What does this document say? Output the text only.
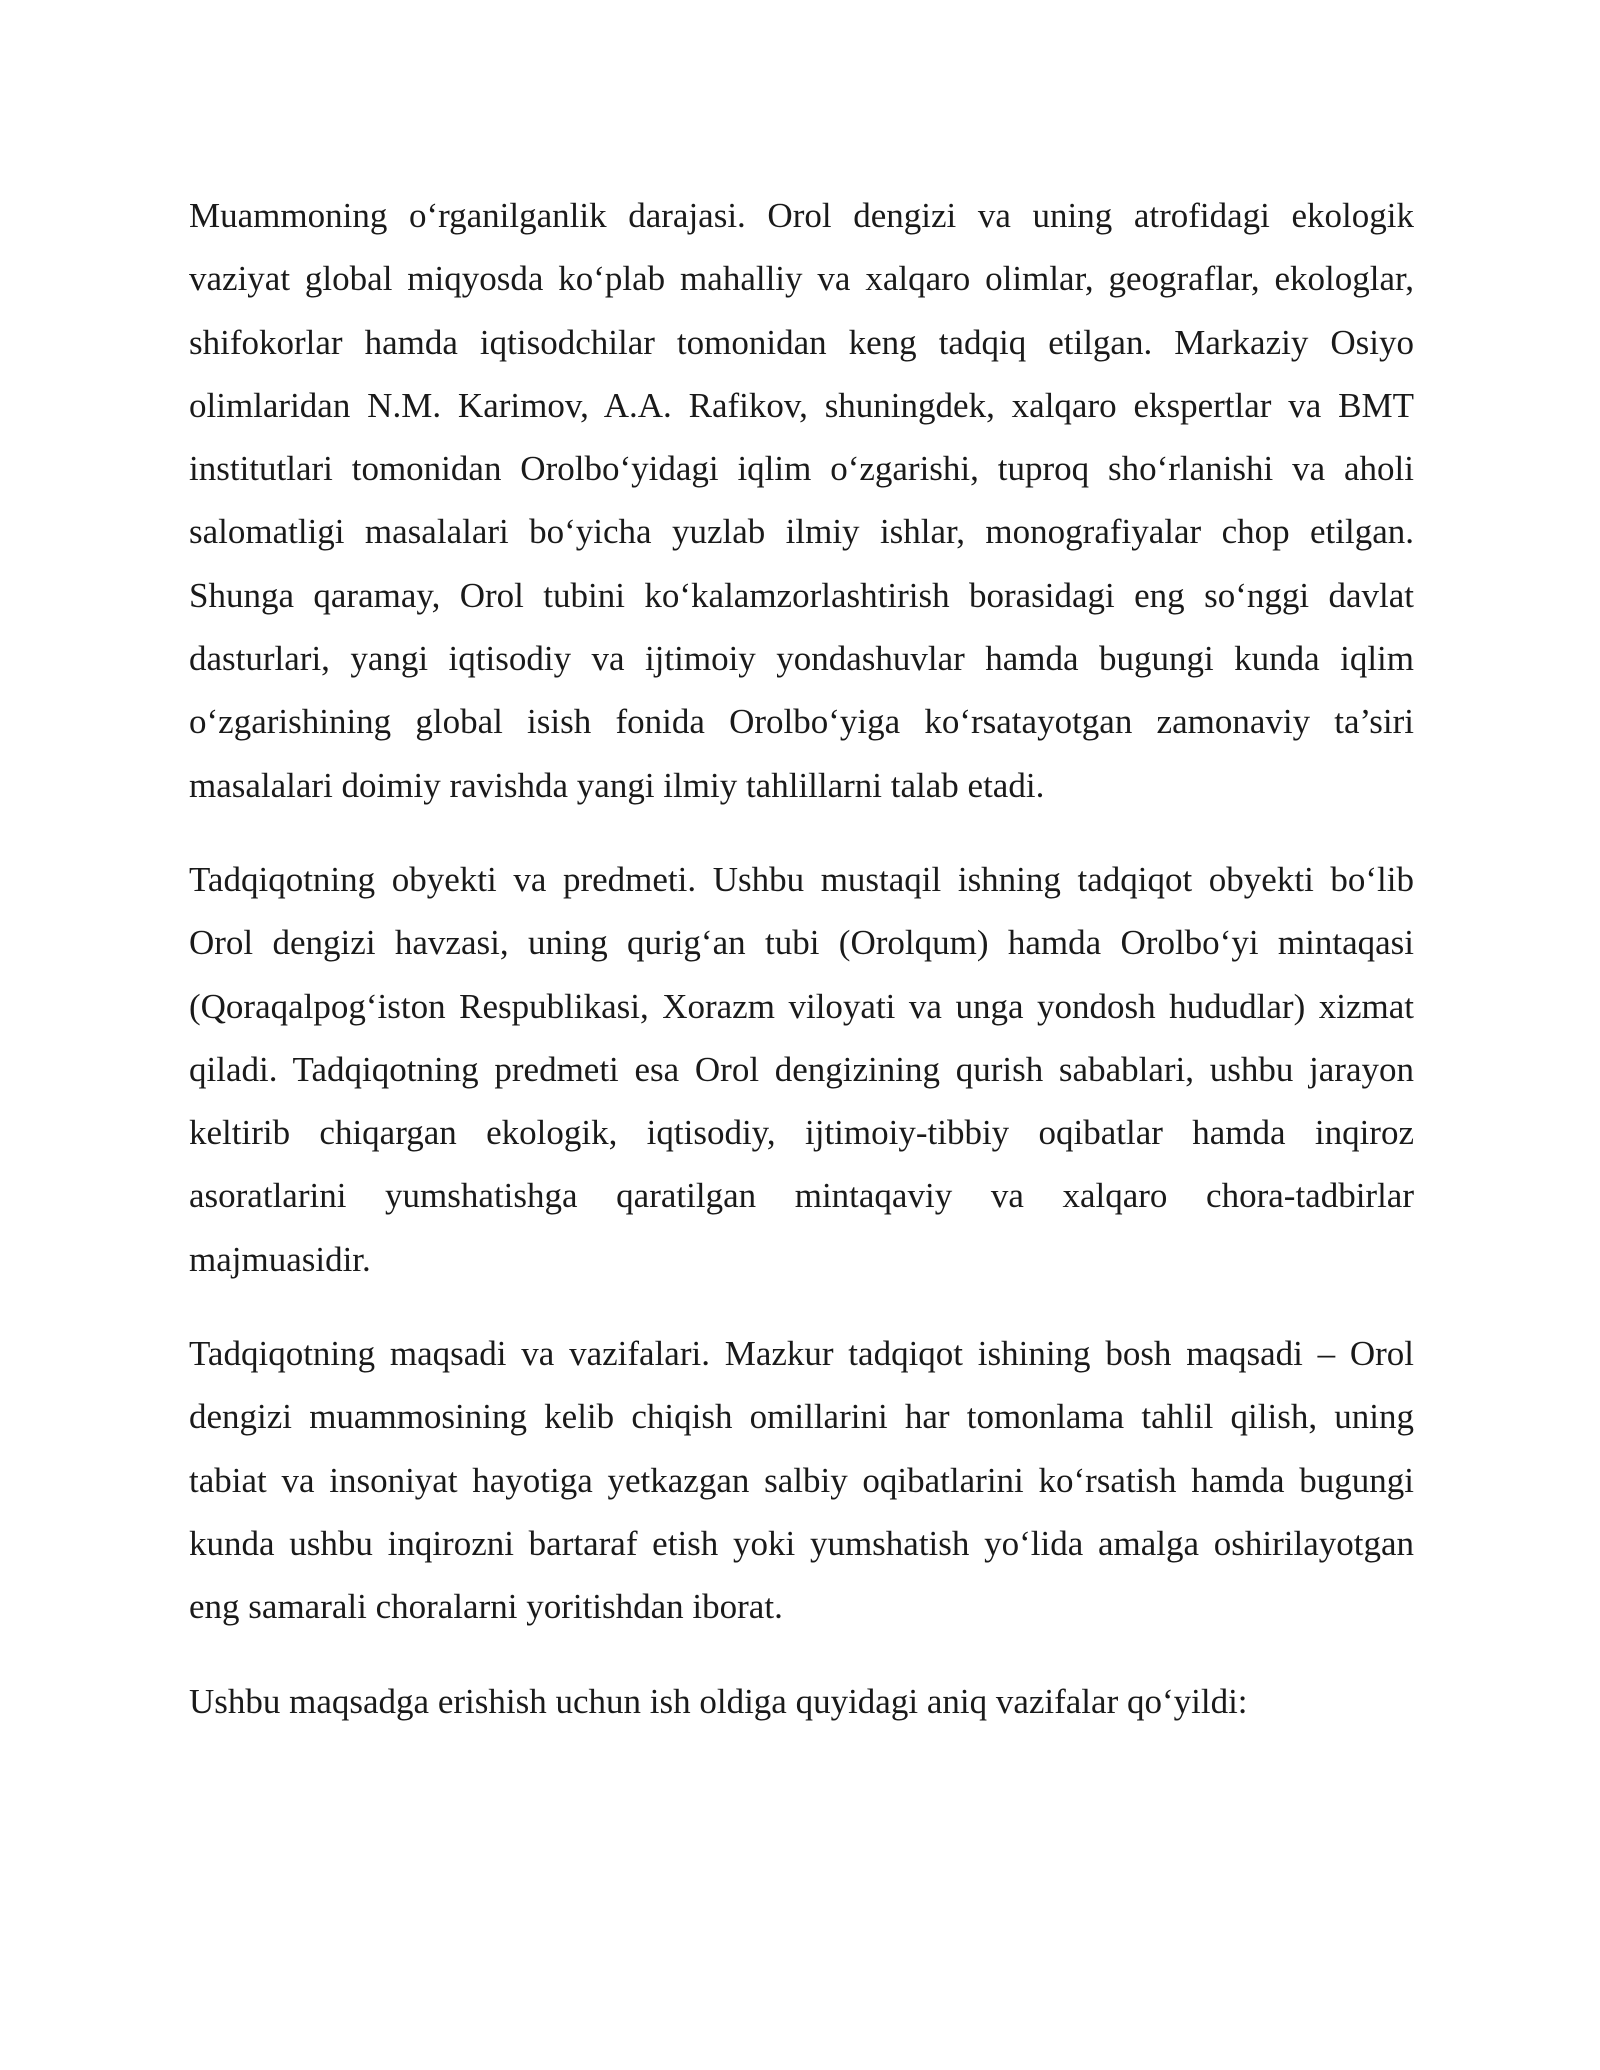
Muammoning o‘rganilganlik darajasi. Orol dengizi va uning atrofidagi ekologik vaziyat global miqyosda ko‘plab mahalliy va xalqaro olimlar, geograflar, ekologlar, shifokorlar hamda iqtisodchilar tomonidan keng tadqiq etilgan. Markaziy Osiyo olimlaridan N.M. Karimov, A.A. Rafikov, shuningdek, xalqaro ekspertlar va BMT institutlari tomonidan Orolbo‘yidagi iqlim o‘zgarishi, tuproq sho‘rlanishi va aholi salomatligi masalalari bo‘yicha yuzlab ilmiy ishlar, monografiyalar chop etilgan. Shunga qaramay, Orol tubini ko‘kalamzorlashtirish borasidagi eng so‘nggi davlat dasturlari, yangi iqtisodiy va ijtimoiy yondashuvlar hamda bugungi kunda iqlim o‘zgarishining global isish fonida Orolbo‘yiga ko‘rsatayotgan zamonaviy ta’siri masalalari doimiy ravishda yangi ilmiy tahlillarni talab etadi.

Tadqiqotning obyekti va predmeti. Ushbu mustaqil ishning tadqiqot obyekti bo‘lib Orol dengizi havzasi, uning qurig‘an tubi (Orolqum) hamda Orolbo‘yi mintaqasi (Qoraqalpog‘iston Respublikasi, Xorazm viloyati va unga yondosh hududlar) xizmat qiladi. Tadqiqotning predmeti esa Orol dengizining qurish sabablari, ushbu jarayon keltirib chiqargan ekologik, iqtisodiy, ijtimoiy-tibbiy oqibatlar hamda inqiroz asoratlarini yumshatishga qaratilgan mintaqaviy va xalqaro chora-tadbirlar majmuasidir.

Tadqiqotning maqsadi va vazifalari. Mazkur tadqiqot ishining bosh maqsadi – Orol dengizi muammosining kelib chiqish omillarini har tomonlama tahlil qilish, uning tabiat va insoniyat hayotiga yetkazgan salbiy oqibatlarini ko‘rsatish hamda bugungi kunda ushbu inqirozni bartaraf etish yoki yumshatish yo‘lida amalga oshirilayotgan eng samarali choralarni yoritishdan iborat.

Ushbu maqsadga erishish uchun ish oldiga quyidagi aniq vazifalar qo‘yildi:
